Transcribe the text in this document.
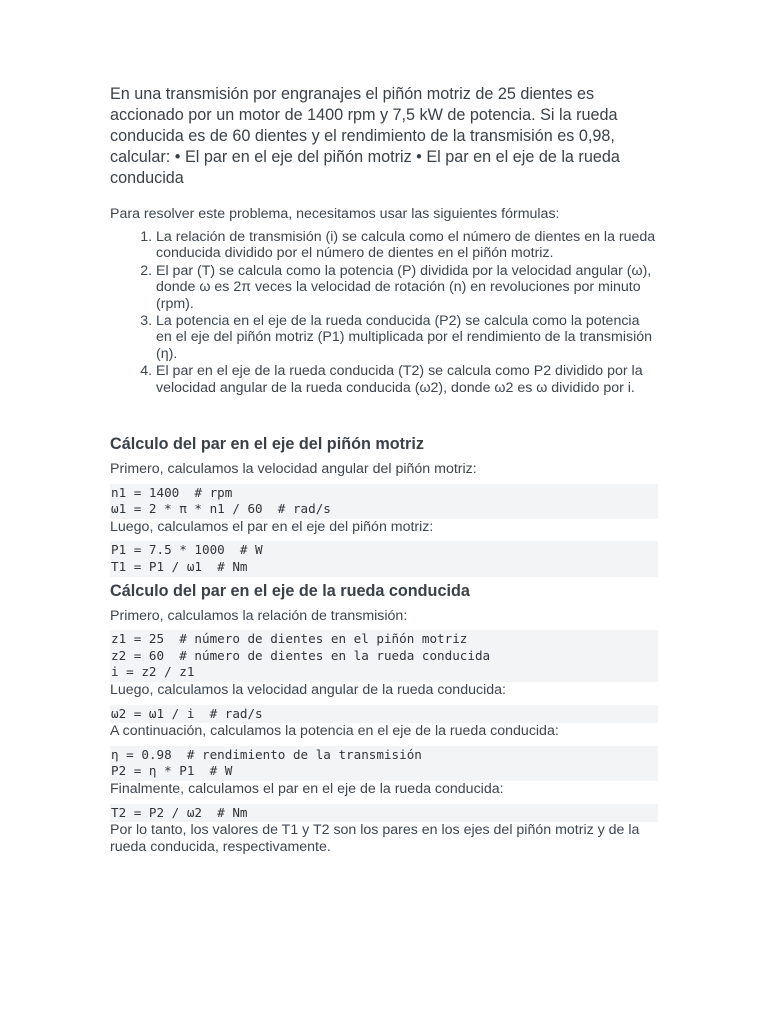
En una transmisión por engranajes el piñón motriz de 25 dientes es accionado por un motor de 1400 rpm y 7,5 kW de potencia. Si la rueda conducida es de 60 dientes y el rendimiento de la transmisión es 0,98, calcular: • El par en el eje del piñón motriz • El par en el eje de la rueda conducida

Para resolver este problema, necesitamos usar las siguientes fórmulas:

1. La relación de transmisión (i) se calcula como el número de dientes en la rueda conducida dividido por el número de dientes en el piñón motriz.
2. El par (T) se calcula como la potencia (P) dividida por la velocidad angular (ω), donde ω es 2π veces la velocidad de rotación (n) en revoluciones por minuto (rpm).
3. La potencia en el eje de la rueda conducida (P2) se calcula como la potencia en el eje del piñón motriz (P1) multiplicada por el rendimiento de la transmisión (η).
4. El par en el eje de la rueda conducida (T2) se calcula como P2 dividido por la velocidad angular de la rueda conducida (ω2), donde ω2 es ω dividido por i.
Cálculo del par en el eje del piñón motriz

Primero, calculamos la velocidad angular del piñón motriz:

n1 = 1400  # rpm
ω1 = 2 * π * n1 / 60  # rad/s

Luego, calculamos el par en el eje del piñón motriz:

P1 = 7.5 * 1000  # W
T1 = P1 / ω1  # Nm
Cálculo del par en el eje de la rueda conducida

Primero, calculamos la relación de transmisión:

z1 = 25  # número de dientes en el piñón motriz
z2 = 60  # número de dientes en la rueda conducida
i = z2 / z1

Luego, calculamos la velocidad angular de la rueda conducida:

ω2 = ω1 / i  # rad/s

A continuación, calculamos la potencia en el eje de la rueda conducida:

η = 0.98  # rendimiento de la transmisión
P2 = η * P1  # W

Finalmente, calculamos el par en el eje de la rueda conducida:

T2 = P2 / ω2  # Nm

Por lo tanto, los valores de T1 y T2 son los pares en los ejes del piñón motriz y de la rueda conducida, respectivamente.
